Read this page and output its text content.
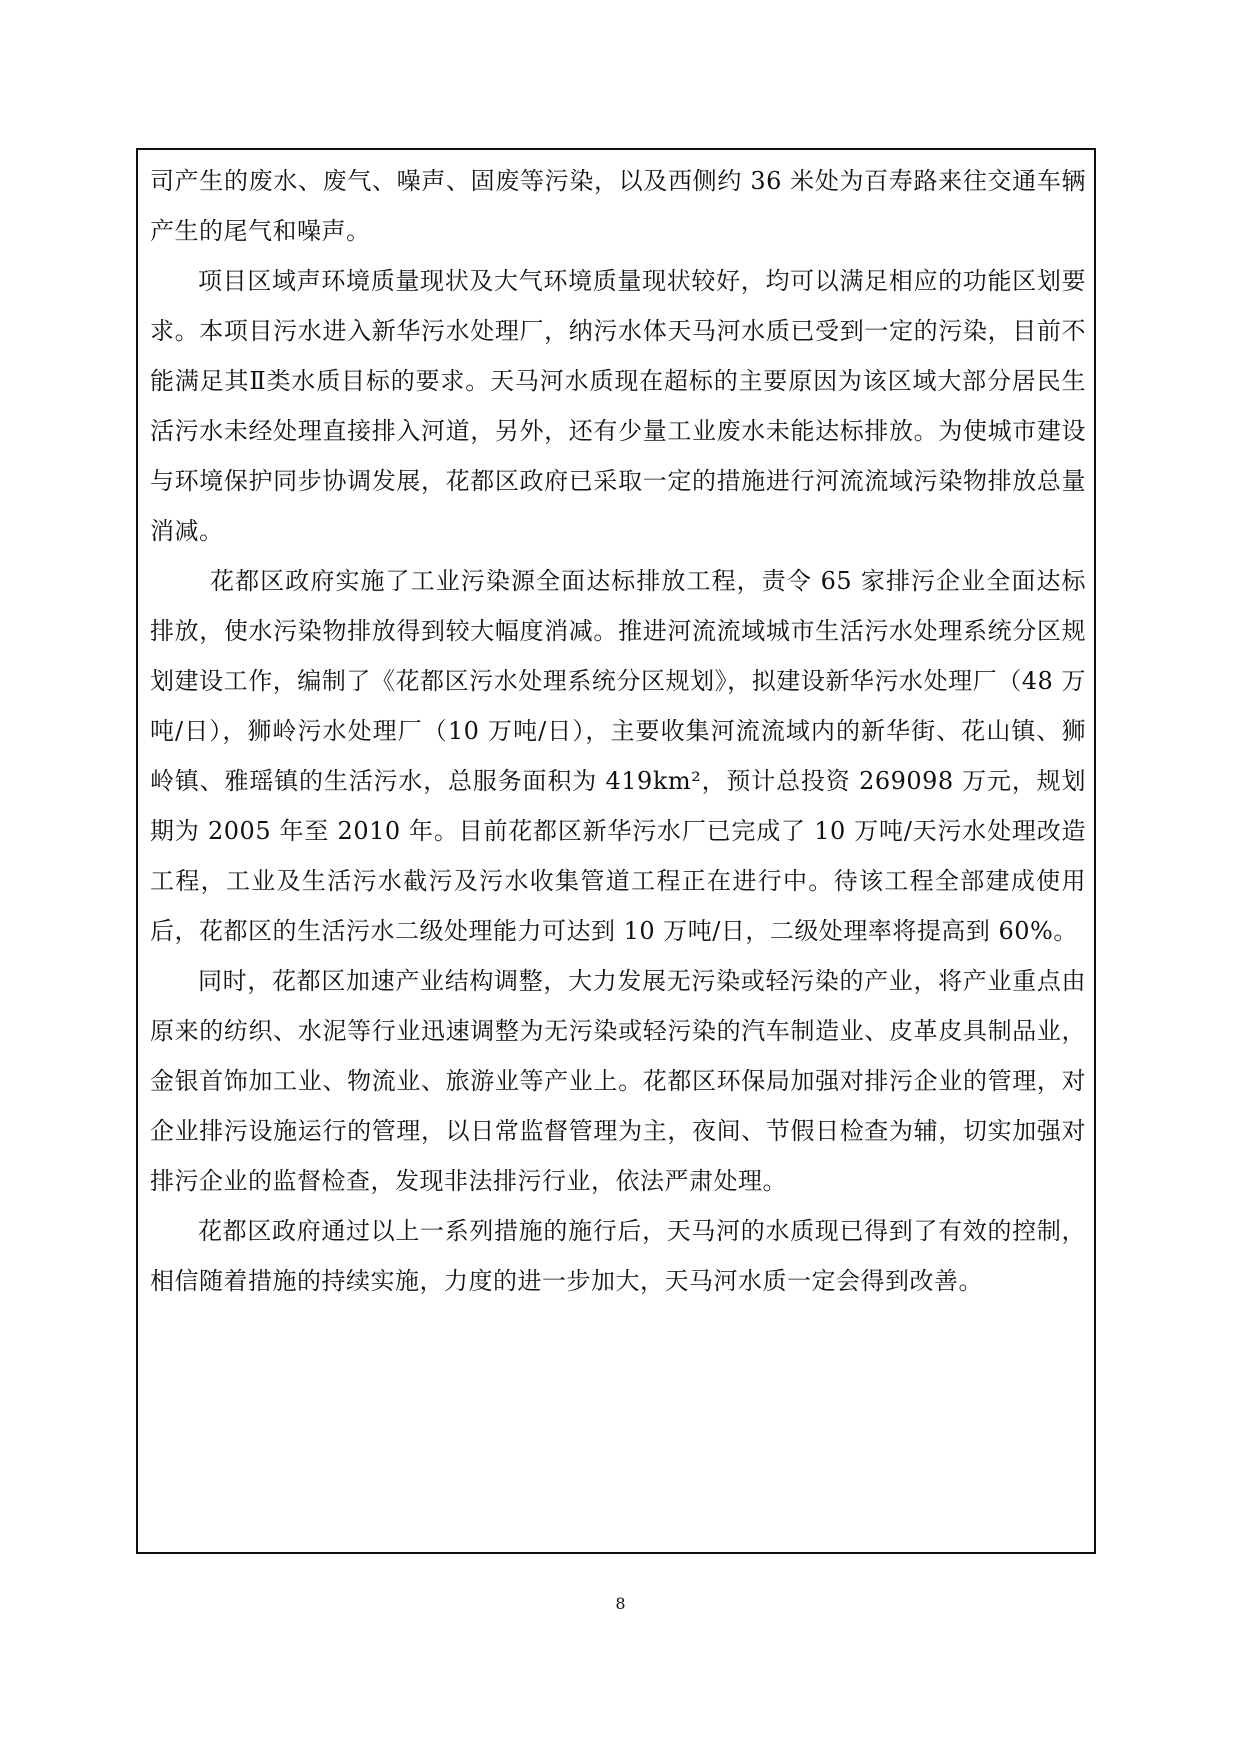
司产生的废水、废气、噪声、固废等污染，以及西侧约 36 米处为百寿路来往交通车辆产生的尾气和噪声。

项目区域声环境质量现状及大气环境质量现状较好，均可以满足相应的功能区划要求。本项目污水进入新华污水处理厂，纳污水体天马河水质已受到一定的污染，目前不能满足其Ⅱ类水质目标的要求。天马河水质现在超标的主要原因为该区域大部分居民生活污水未经处理直接排入河道，另外，还有少量工业废水未能达标排放。为使城市建设与环境保护同步协调发展，花都区政府已采取一定的措施进行河流流域污染物排放总量消减。

花都区政府实施了工业污染源全面达标排放工程，责令 65 家排污企业全面达标排放，使水污染物排放得到较大幅度消减。推进河流流域城市生活污水处理系统分区规划建设工作，编制了《花都区污水处理系统分区规划》，拟建设新华污水处理厂（48 万吨/日），狮岭污水处理厂（10 万吨/日），主要收集河流流域内的新华街、花山镇、狮岭镇、雅瑶镇的生活污水，总服务面积为 419km²，预计总投资 269098 万元，规划期为 2005 年至 2010 年。目前花都区新华污水厂已完成了 10 万吨/天污水处理改造工程，工业及生活污水截污及污水收集管道工程正在进行中。待该工程全部建成使用后，花都区的生活污水二级处理能力可达到 10 万吨/日，二级处理率将提高到 60%。

同时，花都区加速产业结构调整，大力发展无污染或轻污染的产业，将产业重点由原来的纺织、水泥等行业迅速调整为无污染或轻污染的汽车制造业、皮革皮具制品业，金银首饰加工业、物流业、旅游业等产业上。花都区环保局加强对排污企业的管理，对企业排污设施运行的管理，以日常监督管理为主，夜间、节假日检查为辅，切实加强对排污企业的监督检查，发现非法排污行业，依法严肃处理。

花都区政府通过以上一系列措施的施行后，天马河的水质现已得到了有效的控制，相信随着措施的持续实施，力度的进一步加大，天马河水质一定会得到改善。

8
